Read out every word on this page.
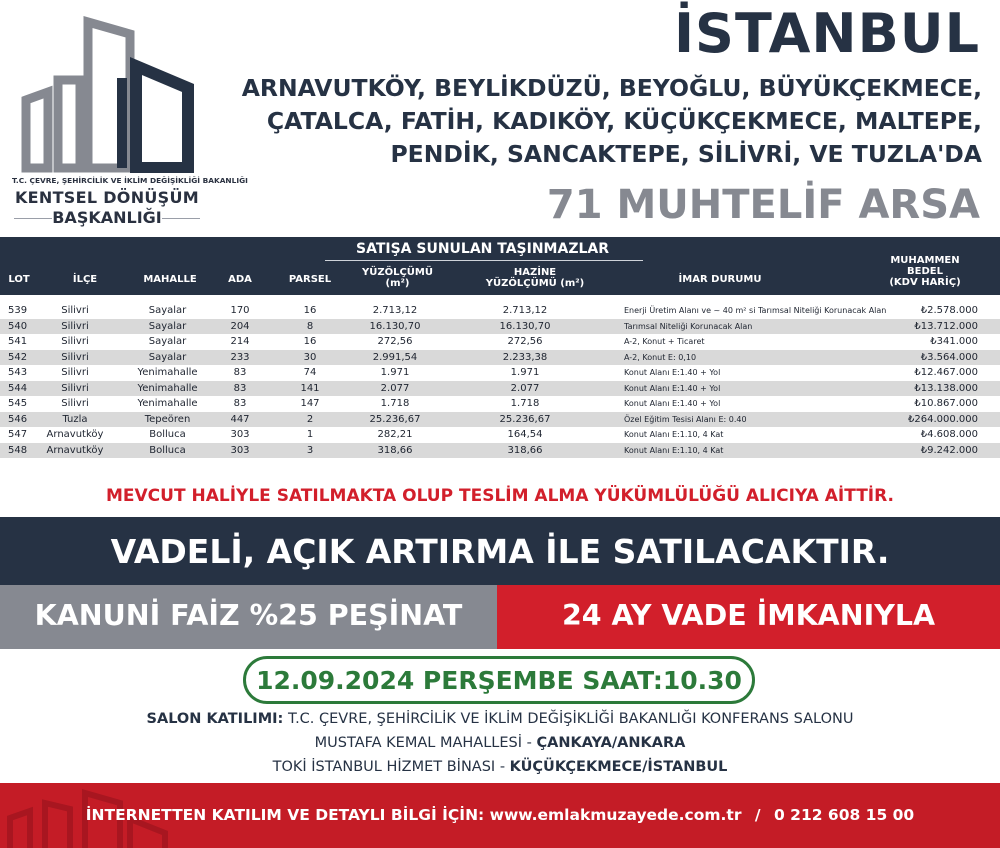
T.C. ÇEVRE, ŞEHİRCİLİK VE İKLİM DEĞİŞİKLİĞİ BAKANLIĞI
KENTSEL DÖNÜŞÜM
BAŞKANLIĞI
İSTANBUL
ARNAVUTKÖY, BEYLİKDÜZÜ, BEYOĞLU, BÜYÜKÇEKMECE,
ÇATALCA, FATİH, KADIKÖY, KÜÇÜKÇEKMECE, MALTEPE,
PENDİK, SANCAKTEPE, SİLİVRİ, VE TUZLA'DA
71 MUHTELİF ARSA
SATIŞA SUNULAN TAŞINMAZLAR
LOT	İLÇE	MAHALLE	ADA	PARSEL
YÜZÖLÇÜMÜ
(m²)
HAZİNE
YÜZÖLÇÜMÜ (m²)	İMAR DURUMU
MUHAMMEN
BEDEL
(KDV HARİÇ)
539	Silivri	Sayalar	170	16	2.713,12	2.713,12	Enerji Üretim Alanı ve ~ 40 m² si Tarımsal Niteliği Korunacak Alan	₺2.578.000
540	Silivri	Sayalar	204	8	16.130,70	16.130,70	Tarımsal Niteliği Korunacak Alan	₺13.712.000
541	Silivri	Sayalar	214	16	272,56	272,56	A-2, Konut + Ticaret	₺341.000
542	Silivri	Sayalar	233	30	2.991,54	2.233,38	A-2, Konut E: 0,10	₺3.564.000
543	Silivri	Yenimahalle	83	74	1.971	1.971	Konut Alanı E:1.40 + Yol	₺12.467.000
544	Silivri	Yenimahalle	83	141	2.077	2.077	Konut Alanı E:1.40 + Yol	₺13.138.000
545	Silivri	Yenimahalle	83	147	1.718	1.718	Konut Alanı E:1.40 + Yol	₺10.867.000
546	Tuzla	Tepeören	447	2	25.236,67	25.236,67	Özel Eğitim Tesisi Alanı E: 0.40	₺264.000.000
547	Arnavutköy	Bolluca	303	1	282,21	164,54	Konut Alanı E:1.10, 4 Kat	₺4.608.000
548	Arnavutköy	Bolluca	303	3	318,66	318,66	Konut Alanı E:1.10, 4 Kat	₺9.242.000
MEVCUT HALİYLE SATILMAKTA OLUP TESLİM ALMA YÜKÜMLÜLÜĞÜ ALICIYA AİTTİR.
VADELİ, AÇIK ARTIRMA İLE SATILACAKTIR.
KANUNİ FAİZ %25 PEŞİNAT	24 AY VADE İMKANIYLA
12.09.2024 PERŞEMBE SAAT:10.30
SALON KATILIMI: T.C. ÇEVRE, ŞEHİRCİLİK VE İKLİM DEĞİŞİKLİĞİ BAKANLIĞI KONFERANS SALONU
MUSTAFA KEMAL MAHALLESİ - ÇANKAYA/ANKARA
TOKİ İSTANBUL HİZMET BİNASI - KÜÇÜKÇEKMECE/İSTANBUL
İNTERNETTEN KATILIM VE DETAYLI BİLGİ İÇİN: www.emlakmuzayede.com.tr / 0 212 608 15 00
